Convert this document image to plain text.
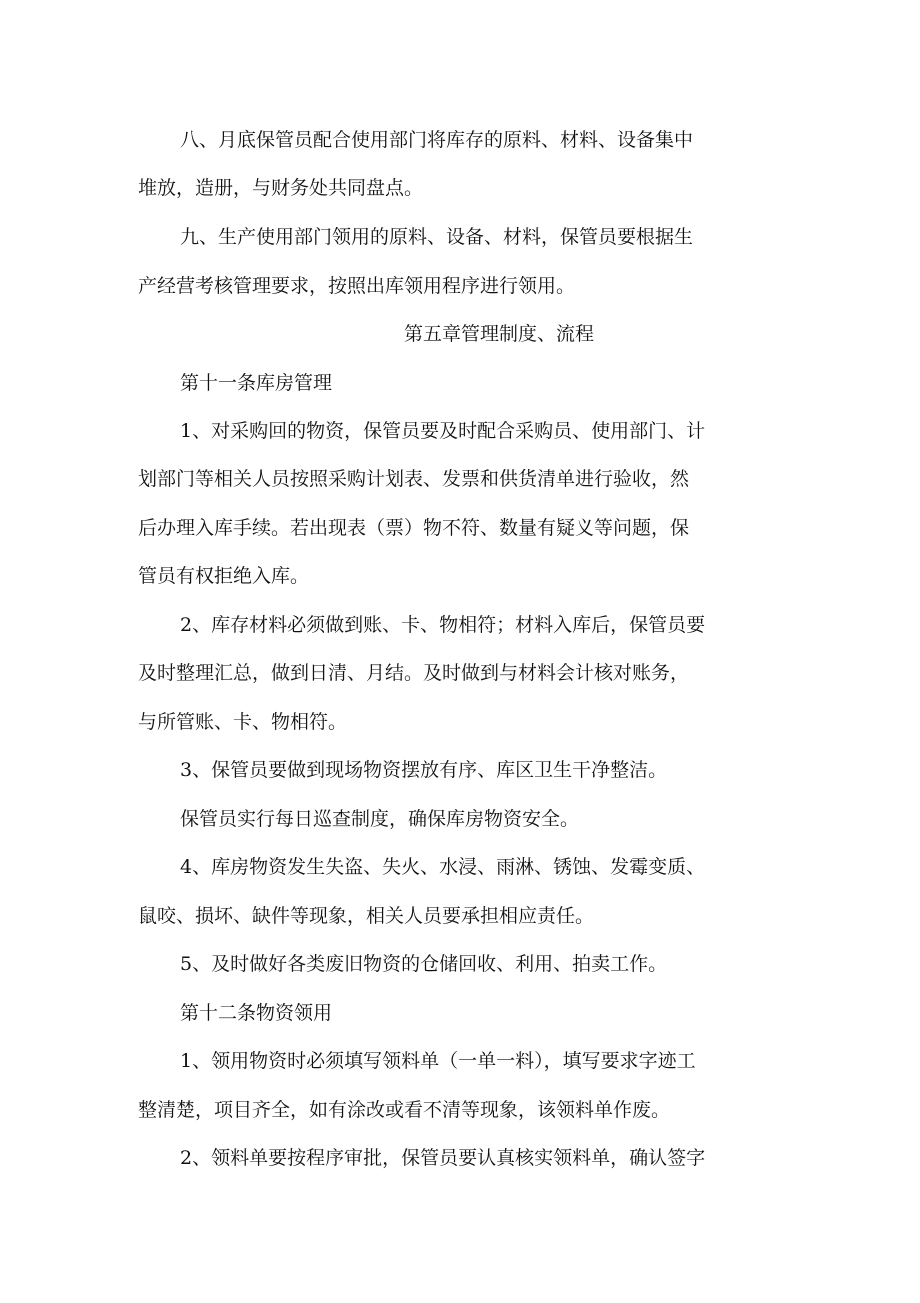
八、月底保管员配合使用部门将库存的原料、材料、设备集中
堆放，造册，与财务处共同盘点。
九、生产使用部门领用的原料、设备、材料，保管员要根据生
产经营考核管理要求，按照出库领用程序进行领用。
第五章管理制度、流程
第十一条库房管理
1、对采购回的物资，保管员要及时配合采购员、使用部门、计
划部门等相关人员按照采购计划表、发票和供货清单进行验收，然
后办理入库手续。若出现表（票）物不符、数量有疑义等问题，保
管员有权拒绝入库。
2、库存材料必须做到账、卡、物相符；材料入库后，保管员要
及时整理汇总，做到日清、月结。及时做到与材料会计核对账务，
与所管账、卡、物相符。
3、保管员要做到现场物资摆放有序、库区卫生干净整洁。
保管员实行每日巡查制度，确保库房物资安全。
4、库房物资发生失盗、失火、水浸、雨淋、锈蚀、发霉变质、
鼠咬、损坏、缺件等现象，相关人员要承担相应责任。
5、及时做好各类废旧物资的仓储回收、利用、拍卖工作。
第十二条物资领用
1、领用物资时必须填写领料单（一单一料），填写要求字迹工
整清楚，项目齐全，如有涂改或看不清等现象，该领料单作废。
2、领料单要按程序审批，保管员要认真核实领料单，确认签字
